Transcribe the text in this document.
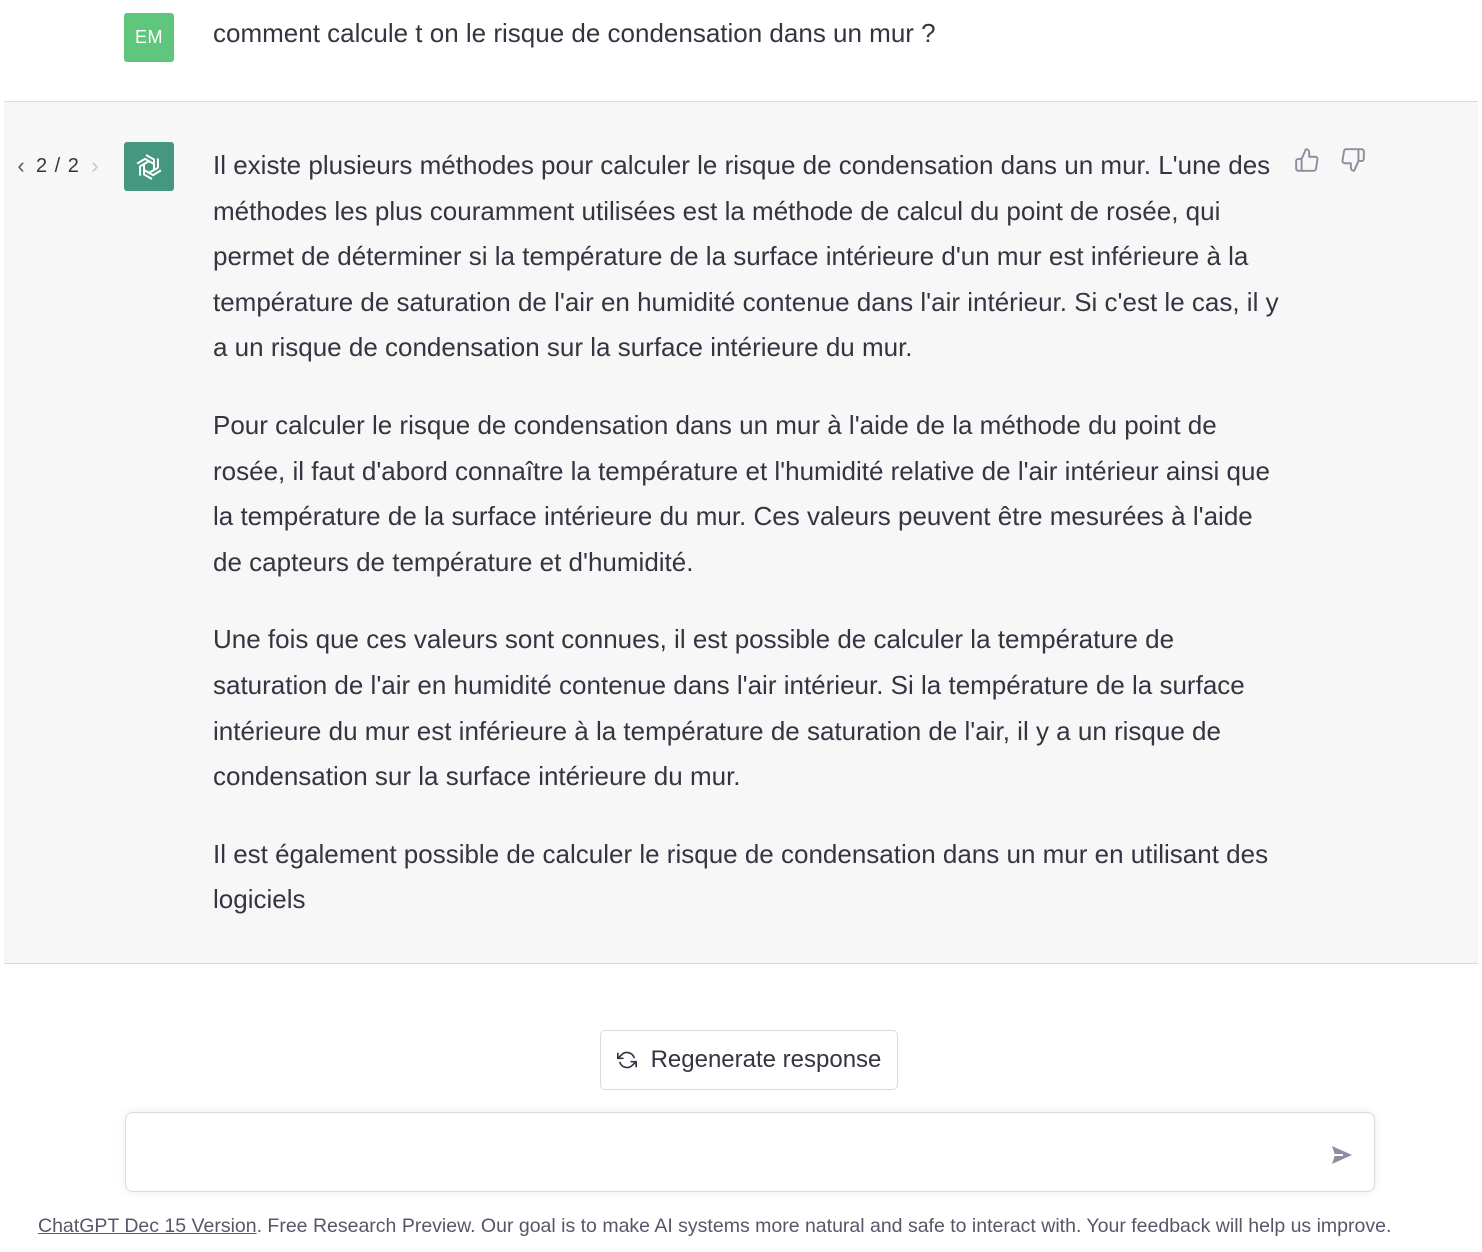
EM	comment calcule t on le risque de condensation dans un mur ?
‹ 2 / 2 ›	Il existe plusieurs méthodes pour calculer le risque de condensation dans un mur. L'une des méthodes les plus couramment utilisées est la méthode de calcul du point de rosée, qui permet de déterminer si la température de la surface intérieure d'un mur est inférieure à la température de saturation de l'air en humidité contenue dans l'air intérieur. Si c'est le cas, il y a un risque de condensation sur la surface intérieure du mur.

Pour calculer le risque de condensation dans un mur à l'aide de la méthode du point de rosée, il faut d'abord connaître la température et l'humidité relative de l'air intérieur ainsi que la température de la surface intérieure du mur. Ces valeurs peuvent être mesurées à l'aide de capteurs de température et d'humidité.

Une fois que ces valeurs sont connues, il est possible de calculer la température de saturation de l'air en humidité contenue dans l'air intérieur. Si la température de la surface intérieure du mur est inférieure à la température de saturation de l'air, il y a un risque de condensation sur la surface intérieure du mur.

Il est également possible de calculer le risque de condensation dans un mur en utilisant des logiciels

Regenerate response
ChatGPT Dec 15 Version. Free Research Preview. Our goal is to make AI systems more natural and safe to interact with. Your feedback will help us improve.
